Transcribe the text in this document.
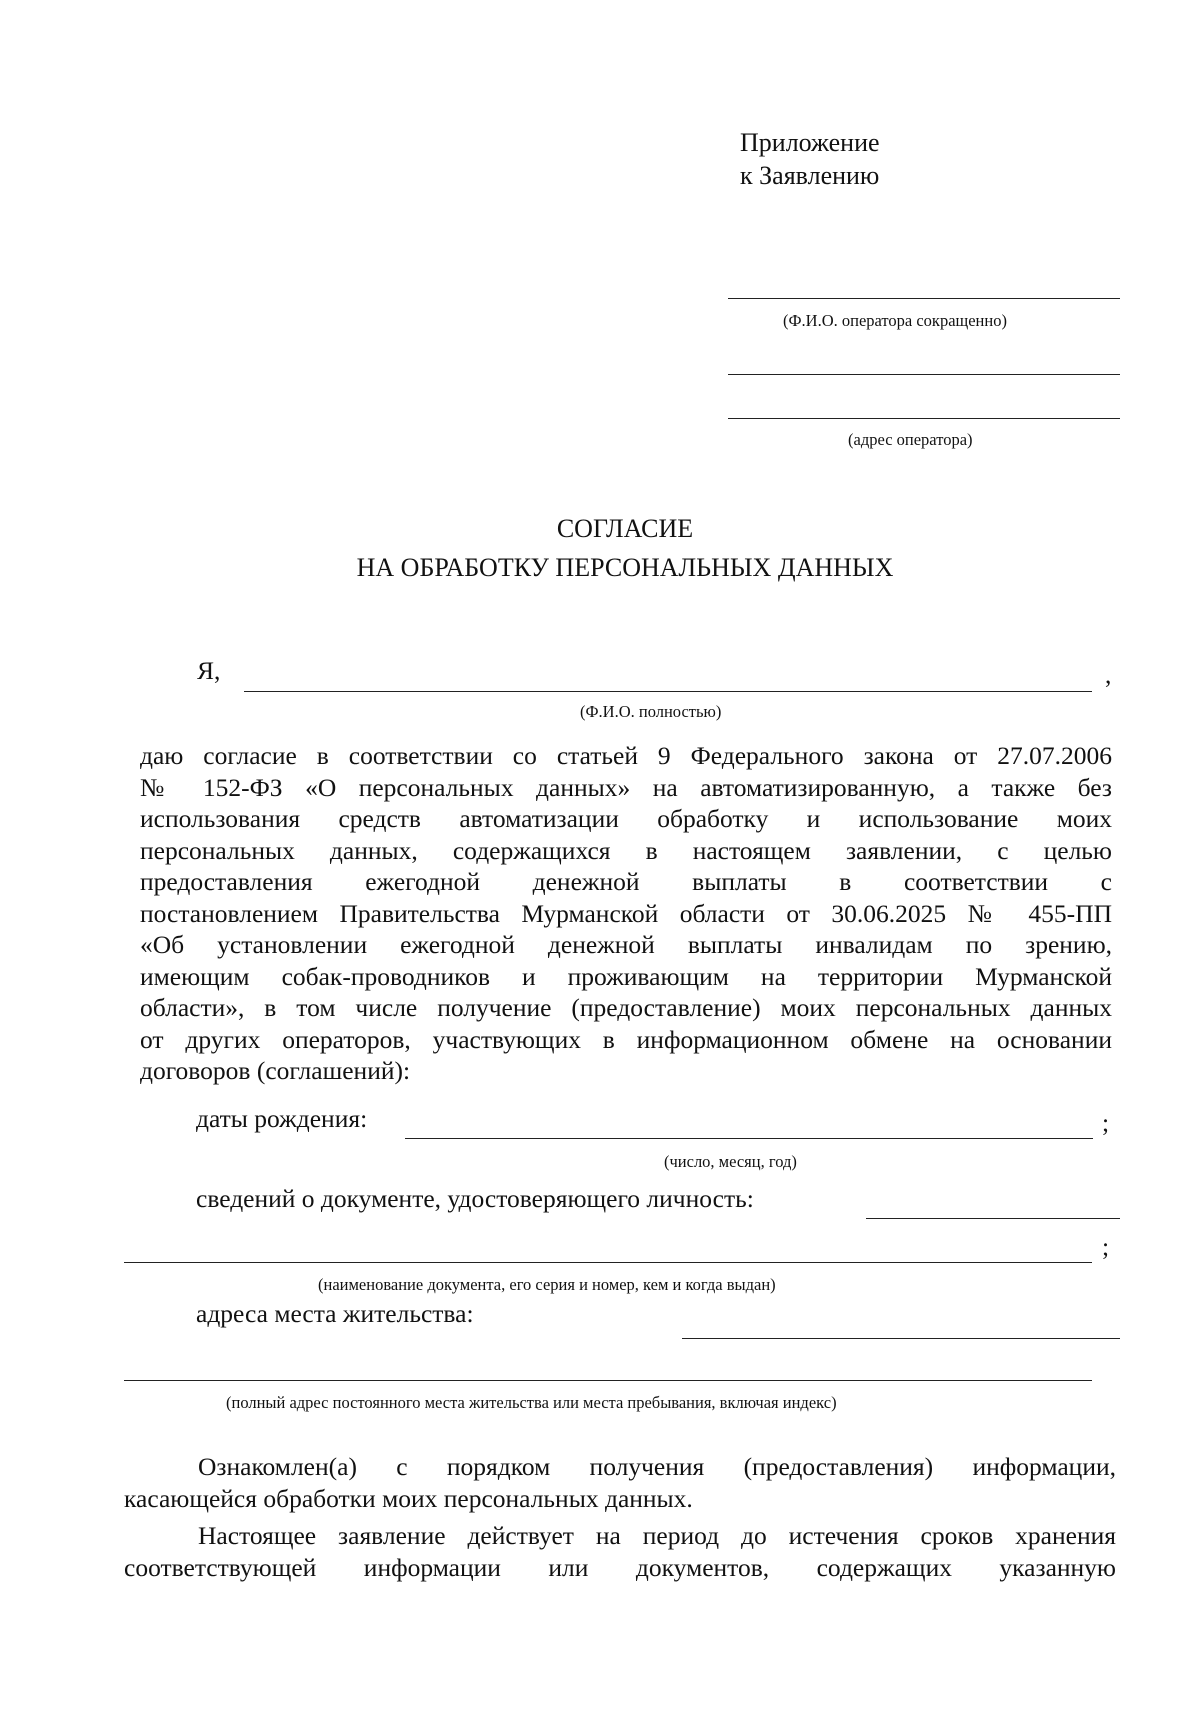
Приложение
к Заявлению
(Ф.И.О. оператора сокращенно)
(адрес оператора)
СОГЛАСИЕ
НА ОБРАБОТКУ ПЕРСОНАЛЬНЫХ ДАННЫХ
Я,	,
(Ф.И.О. полностью)
даю согласие в соответствии со статьей 9 Федерального закона от 27.07.2006
№ 152-ФЗ «О персональных данных» на автоматизированную, а также без
использования средств автоматизации обработку и использование моих
персональных данных, содержащихся в настоящем заявлении, с целью
предоставления ежегодной денежной выплаты в соответствии с
постановлением Правительства Мурманской области от 30.06.2025 № 455-ПП
«Об установлении ежегодной денежной выплаты инвалидам по зрению,
имеющим собак-проводников и проживающим на территории Мурманской
области», в том числе получение (предоставление) моих персональных данных
от других операторов, участвующих в информационном обмене на основании
договоров (соглашений):
даты рождения:	;
(число, месяц, год)
сведений о документе, удостоверяющего личность:
;
(наименование документа, его серия и номер, кем и когда выдан)
адреса места жительства:
(полный адрес постоянного места жительства или места пребывания, включая индекс)
Ознакомлен(а) с порядком получения (предоставления) информации,
касающейся обработки моих персональных данных.
Настоящее заявление действует на период до истечения сроков хранения
соответствующей информации или документов, содержащих указанную
